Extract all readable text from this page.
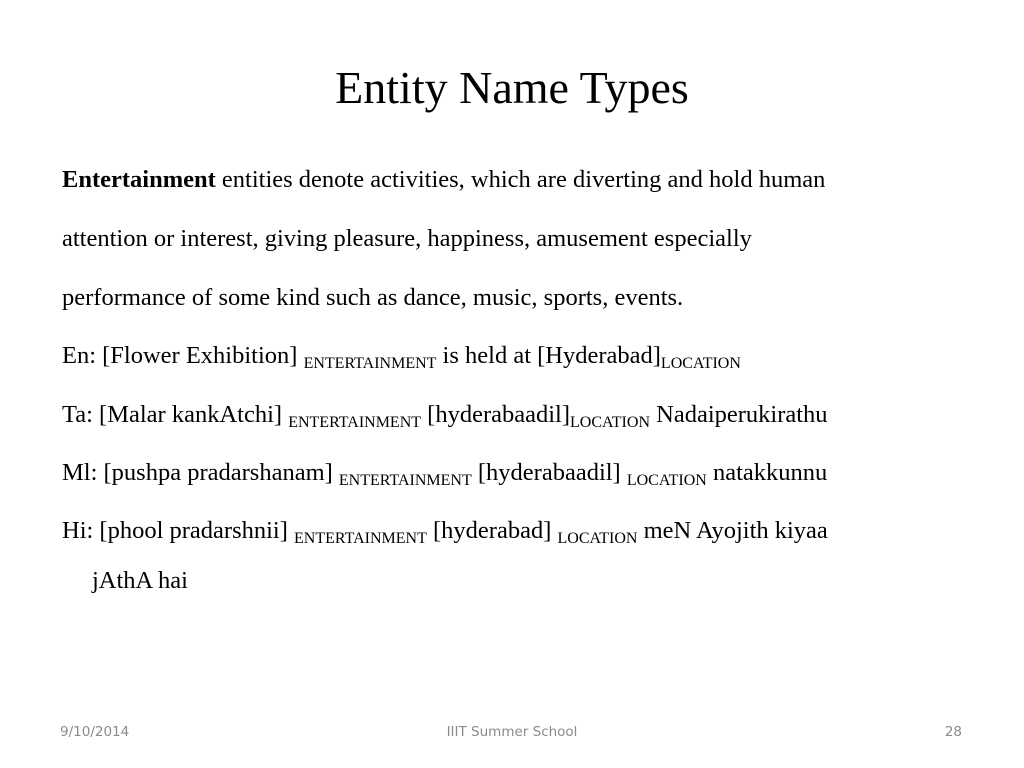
Entity Name Types
Entertainment entities denote activities, which are diverting and hold human
attention or interest, giving pleasure, happiness, amusement especially
performance of some kind such as dance, music, sports, events.
En: [Flower Exhibition] $_{ENTERTAINMENT}$ is held at $[Hyderabad]_{LOCATION}$
Ta: [Malar kankAtchi] $_{ENTERTAINMENT}$ $[hyderabaadil]_{LOCATION}$ Nadaiperukirathu
Ml: [pushpa pradarshanam] $_{ENTERTAINMENT}$ [hyderabaadil] $_{LOCATION}$ natakkunnu
Hi: [phool pradarshnii] $_{ENTERTAINMENT}$ [hyderabad] $_{LOCATION}$ meN Ayojith kiyaa
jAthA hai
9/10/2014	IIIT Summer School	28
